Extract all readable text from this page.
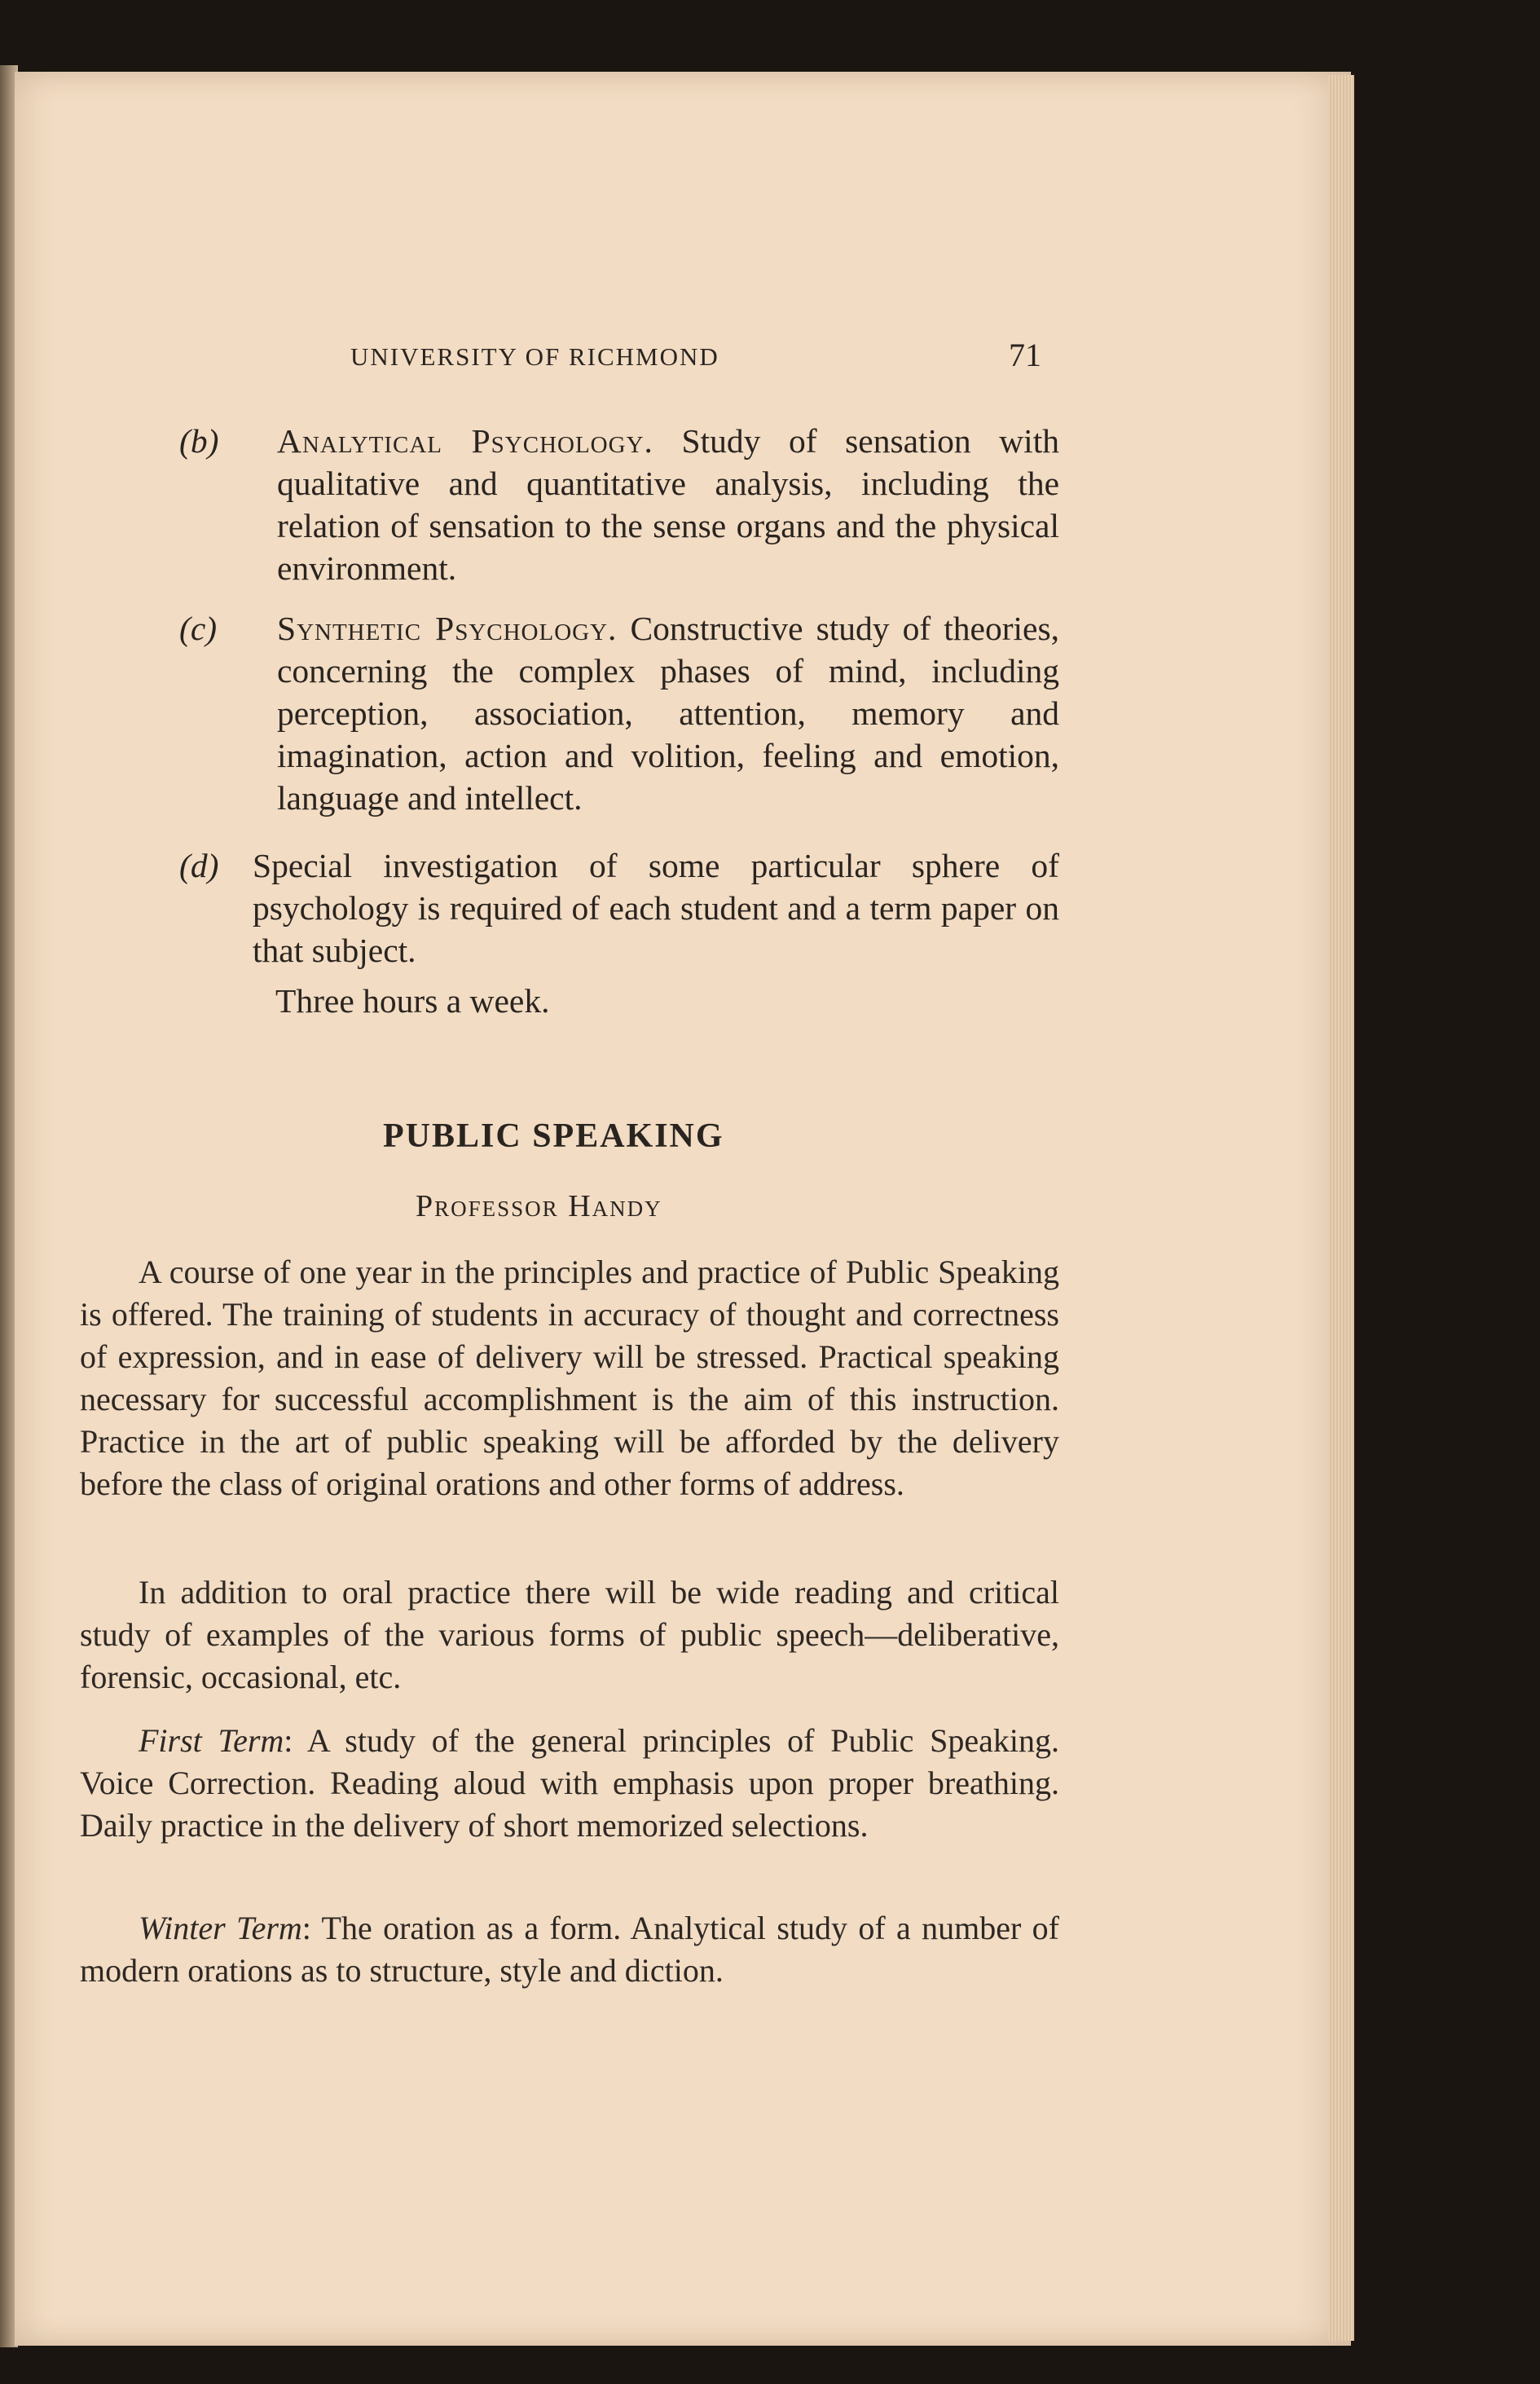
UNIVERSITY OF RICHMOND	71
(b) Analytical Psychology. Study of sensation with qualitative and quantitative analysis, including the relation of sensation to the sense organs and the physical environment.
(c) Synthetic Psychology. Constructive study of theories, concerning the complex phases of mind, including perception, association, attention, memory and imagination, action and volition, feeling and emotion, language and intellect.
(d) Special investigation of some particular sphere of psychology is required of each student and a term paper on that subject.
Three hours a week.
PUBLIC SPEAKING
Professor Handy
A course of one year in the principles and practice of Public Speaking is offered. The training of students in accuracy of thought and correctness of expression, and in ease of delivery will be stressed. Practical speaking necessary for successful accomplishment is the aim of this instruction. Practice in the art of public speaking will be afforded by the delivery before the class of original orations and other forms of address.
In addition to oral practice there will be wide reading and critical study of examples of the various forms of public speech—deliberative, forensic, occasional, etc.
First Term: A study of the general principles of Public Speaking. Voice Correction. Reading aloud with emphasis upon proper breathing. Daily practice in the delivery of short memorized selections.
Winter Term: The oration as a form. Analytical study of a number of modern orations as to structure, style and diction.
